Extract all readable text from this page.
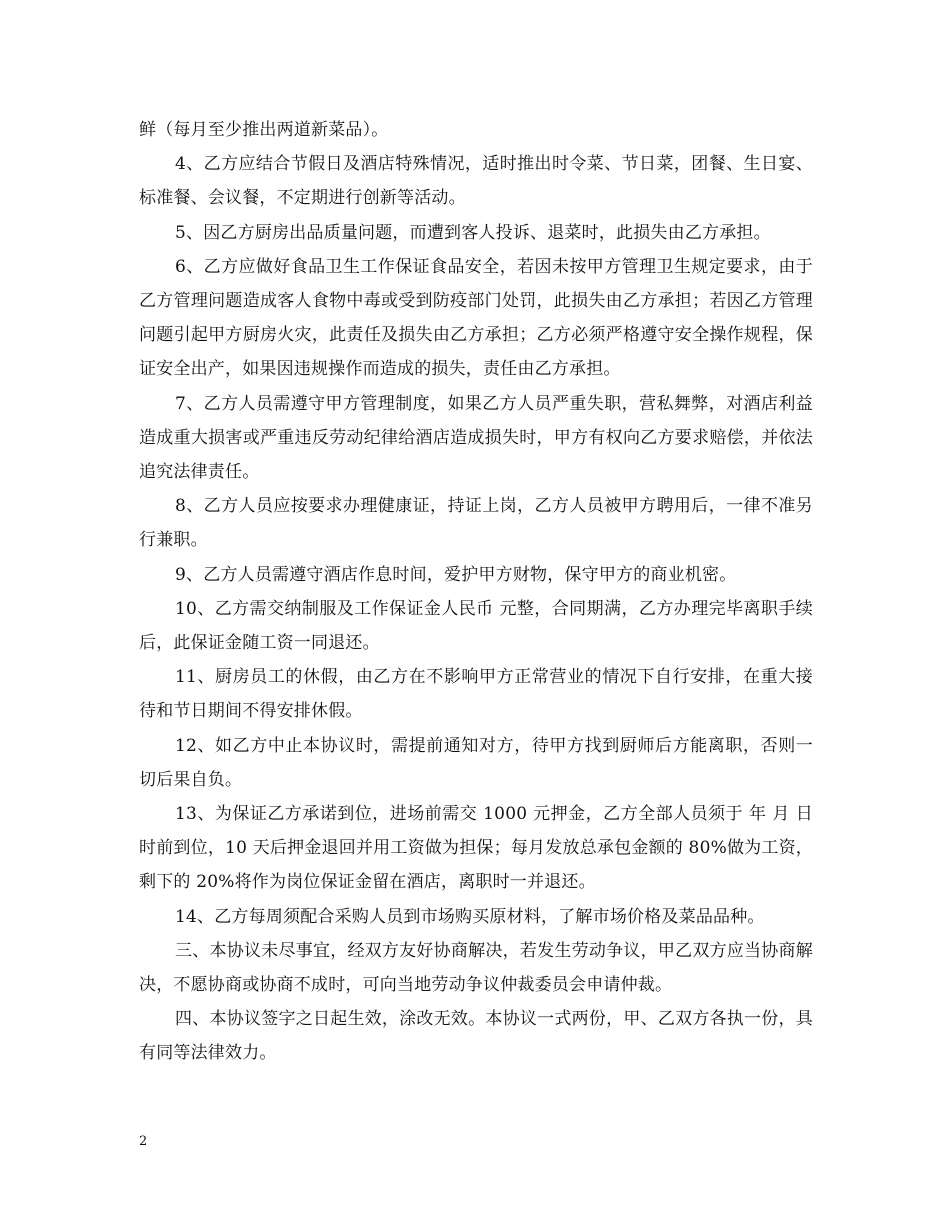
鲜（每月至少推出两道新菜品）。

4、乙方应结合节假日及酒店特殊情况，适时推出时令菜、节日菜，团餐、生日宴、标准餐、会议餐，不定期进行创新等活动。

5、因乙方厨房出品质量问题，而遭到客人投诉、退菜时，此损失由乙方承担。

6、乙方应做好食品卫生工作保证食品安全，若因未按甲方管理卫生规定要求，由于乙方管理问题造成客人食物中毒或受到防疫部门处罚，此损失由乙方承担；若因乙方管理问题引起甲方厨房火灾，此责任及损失由乙方承担；乙方必须严格遵守安全操作规程，保证安全出产，如果因违规操作而造成的损失，责任由乙方承担。

7、乙方人员需遵守甲方管理制度，如果乙方人员严重失职，营私舞弊，对酒店利益造成重大损害或严重违反劳动纪律给酒店造成损失时，甲方有权向乙方要求赔偿，并依法追究法律责任。

8、乙方人员应按要求办理健康证，持证上岗，乙方人员被甲方聘用后，一律不准另行兼职。

9、乙方人员需遵守酒店作息时间，爱护甲方财物，保守甲方的商业机密。

10、乙方需交纳制服及工作保证金人民币 元整，合同期满，乙方办理完毕离职手续后，此保证金随工资一同退还。

11、厨房员工的休假，由乙方在不影响甲方正常营业的情况下自行安排，在重大接待和节日期间不得安排休假。

12、如乙方中止本协议时，需提前通知对方，待甲方找到厨师后方能离职，否则一切后果自负。

13、为保证乙方承诺到位，进场前需交 1000 元押金，乙方全部人员须于 年 月 日 时前到位，10 天后押金退回并用工资做为担保；每月发放总承包金额的 80%做为工资，剩下的 20%将作为岗位保证金留在酒店，离职时一并退还。

14、乙方每周须配合采购人员到市场购买原材料，了解市场价格及菜品品种。

三、本协议未尽事宜，经双方友好协商解决，若发生劳动争议，甲乙双方应当协商解决，不愿协商或协商不成时，可向当地劳动争议仲裁委员会申请仲裁。

四、本协议签字之日起生效，涂改无效。本协议一式两份，甲、乙双方各执一份，具有同等法律效力。

2
